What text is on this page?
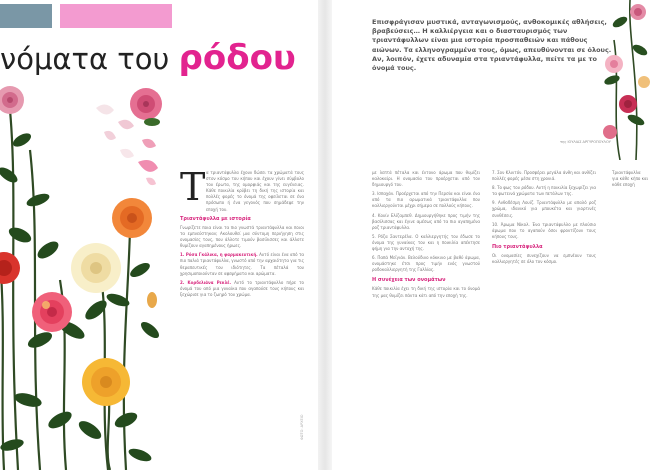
νόματα του ρόδου
Τ α τριαντάφυλλα έχουν δώσει τα χρώματά τους στον κόσμο του κήπου και έχουν γίνει σύμβολο του έρωτα, της ομορφιάς και της ευγένειας. Κάθε ποικιλία κρύβει τη δική της ιστορία και πολλές φορές το όνομά της οφείλεται σε ένα πρόσωπο ή ένα γεγονός που σημάδεψε την εποχή του.

Τριαντάφυλλα με ιστορία

Γνωρίζετε ποια είναι τα πιο γνωστά τριαντάφυλλα και ποιοι τα εμπνεύστηκαν; Ακολουθεί μια σύντομη περιήγηση στις ονομασίες τους, που άλλοτε τιμούν βασίλισσες και άλλοτε θυμίζουν αγαπημένους ήρωες.

1. Ρόσα Γκάλικα, η φαρμακευτική. Αυτό είναι ένα από τα πιο παλιά τριαντάφυλλα, γνωστό από την αρχαιότητα για τις θεραπευτικές του ιδιότητες. Τα πέταλά του χρησιμοποιούνταν σε αφεψήματα και αρώματα.

2. Κορδελιάνα Ρεκλέ. Αυτό το τριαντάφυλλο πήρε το όνομά του από μια γυναίκα που αγαπούσε τους κήπους και ξεχώρισε για το ζωηρό του χρώμα.

ΦΩΤΟ: ΑΡΧΕΙΟ
Επισφράγισαν μυστικά, ανταγωνισμούς, ανθοκομικές αθλήσεις, βραβεύσεις… Η καλλιέργεια και ο διασταυρισμός των τριαντάφυλλων είναι μια ιστορία προσπαθειών και πάθους αιώνων. Τα ελληνογραμμένα τους, όμως, απευθύνονται σε όλους. Αν, λοιπόν, έχετε αδυναμία στα τριαντάφυλλα, πείτε τα με το όνομά τους.
της ΙΟΥΛΙΑΣ ΑΡΓΥΡΟΠΟΥΛΟΥ

με λεπτά πέταλα και έντονο άρωμα που θυμίζει καλοκαίρι. Η ονομασία του προέρχεται από τον δημιουργό του.

3. Ισπαχάν. Προέρχεται από την Περσία και είναι ένα από τα πιο αρωματικά τριαντάφυλλα που καλλιεργούνται μέχρι σήμερα σε πολλούς κήπους.

4. Κουίν Ελίζαμπεθ. Δημιουργήθηκε προς τιμήν της βασίλισσας και έγινε αμέσως από τα πιο αγαπημένα ροζ τριαντάφυλλα.

5. Ρόζα Σαντερέλα. Ο καλλιεργητής του έδωσε το όνομα της γυναίκας του και η ποικιλία απέκτησε φήμη για την αντοχή της.

6. Παπά Μεϊγιάν. Βελούδινο κόκκινο με βαθύ άρωμα, ονομάστηκε έτσι προς τιμήν ενός γνωστού ροδοκαλλιεργητή της Γαλλίας.

Η συνέχεια των ονομάτων

Κάθε ποικιλία έχει τη δική της ιστορία και το όνομά της μας θυμίζει πάντα κάτι από την εποχή της.

7. Σον Κλιντόν. Προσφέρει μεγάλα άνθη και ανθίζει πολλές φορές μέσα στη χρονιά.

8. Το φως του ρόδου. Αυτή η ποικιλία ξεχωρίζει για τα φωτεινά χρώματα των πετάλων της.

9. Ανθοδέσμη Λουίζ. Τριαντάφυλλο με απαλό ροζ χρώμα, ιδανικό για μπουκέτα και γιορτινές συνθέσεις.

10. Άρωμα Νίκολ. Ένα τριαντάφυλλο με πλούσιο άρωμα που το αγαπούν όσοι φροντίζουν τους κήπους τους.

Πιο τριαντάφυλλα

Οι ονομασίες συνεχίζουν να εμπνέουν τους καλλιεργητές σε όλο τον κόσμο.

Τριαντάφυλλα για κάθε κήπο και κάθε εποχή
